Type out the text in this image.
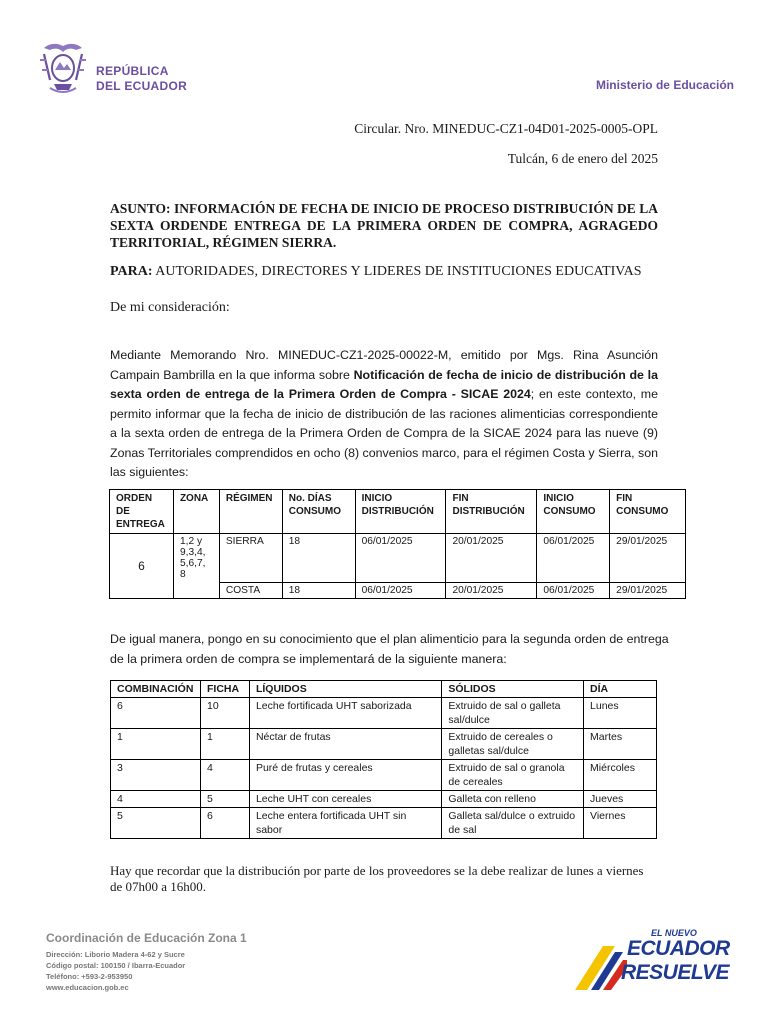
REPÚBLICA
DEL ECUADOR	Ministerio de Educación
Circular. Nro. MINEDUC-CZ1-04D01-2025-0005-OPL
Tulcán, 6 de enero del 2025
ASUNTO: INFORMACIÓN DE FECHA DE INICIO DE PROCESO DISTRIBUCIÓN DE LA SEXTA ORDENDE ENTREGA DE LA PRIMERA ORDEN DE COMPRA, AGRAGEDO TERRITORIAL, RÉGIMEN SIERRA.
PARA: AUTORIDADES, DIRECTORES Y LIDERES DE INSTITUCIONES EDUCATIVAS
De mi consideración:
Mediante Memorando Nro. MINEDUC-CZ1-2025-00022-M, emitido por Mgs. Rina Asunción Campain Bambrilla en la que informa sobre Notificación de fecha de inicio de distribución de la sexta orden de entrega de la Primera Orden de Compra - SICAE 2024; en este contexto, me permito informar que la fecha de inicio de distribución de las raciones alimenticias correspondiente a la sexta orden de entrega de la Primera Orden de Compra de la SICAE 2024 para las nueve (9) Zonas Territoriales comprendidos en ocho (8) convenios marco, para el régimen Costa y Sierra, son las siguientes:
ORDEN DE ENTREGA	ZONA	RÉGIMEN	No. DÍAS CONSUMO	INICIO DISTRIBUCIÓN	FIN DISTRIBUCIÓN	INICIO CONSUMO	FIN CONSUMO
6	1,2 y 9,3,4, 5,6,7, 8	SIERRA	18	06/01/2025	20/01/2025	06/01/2025	29/01/2025
		COSTA	18	06/01/2025	20/01/2025	06/01/2025	29/01/2025
De igual manera, pongo en su conocimiento que el plan alimenticio para la segunda orden de entrega de la primera orden de compra se implementará de la siguiente manera:
COMBINACIÓN	FICHA	LÍQUIDOS	SÓLIDOS	DÍA
6	10	Leche fortificada UHT saborizada	Extruido de sal o galleta sal/dulce	Lunes
1	1	Néctar de frutas	Extruido de cereales o galletas sal/dulce	Martes
3	4	Puré de frutas y cereales	Extruido de sal o granola de cereales	Miércoles
4	5	Leche UHT con cereales	Galleta con relleno	Jueves
5	6	Leche entera fortificada UHT sin sabor	Galleta sal/dulce o extruido de sal	Viernes
Hay que recordar que la distribución por parte de los proveedores se la debe realizar de lunes a viernes de 07h00 a 16h00.
Coordinación de Educación Zona 1
Dirección: Liborio Madera 4-62 y Sucre
Código postal: 100150 / Ibarra-Ecuador
Teléfono: +593-2-953950
www.educacion.gob.ec
EL NUEVO
ECUADOR
RESUELVE
